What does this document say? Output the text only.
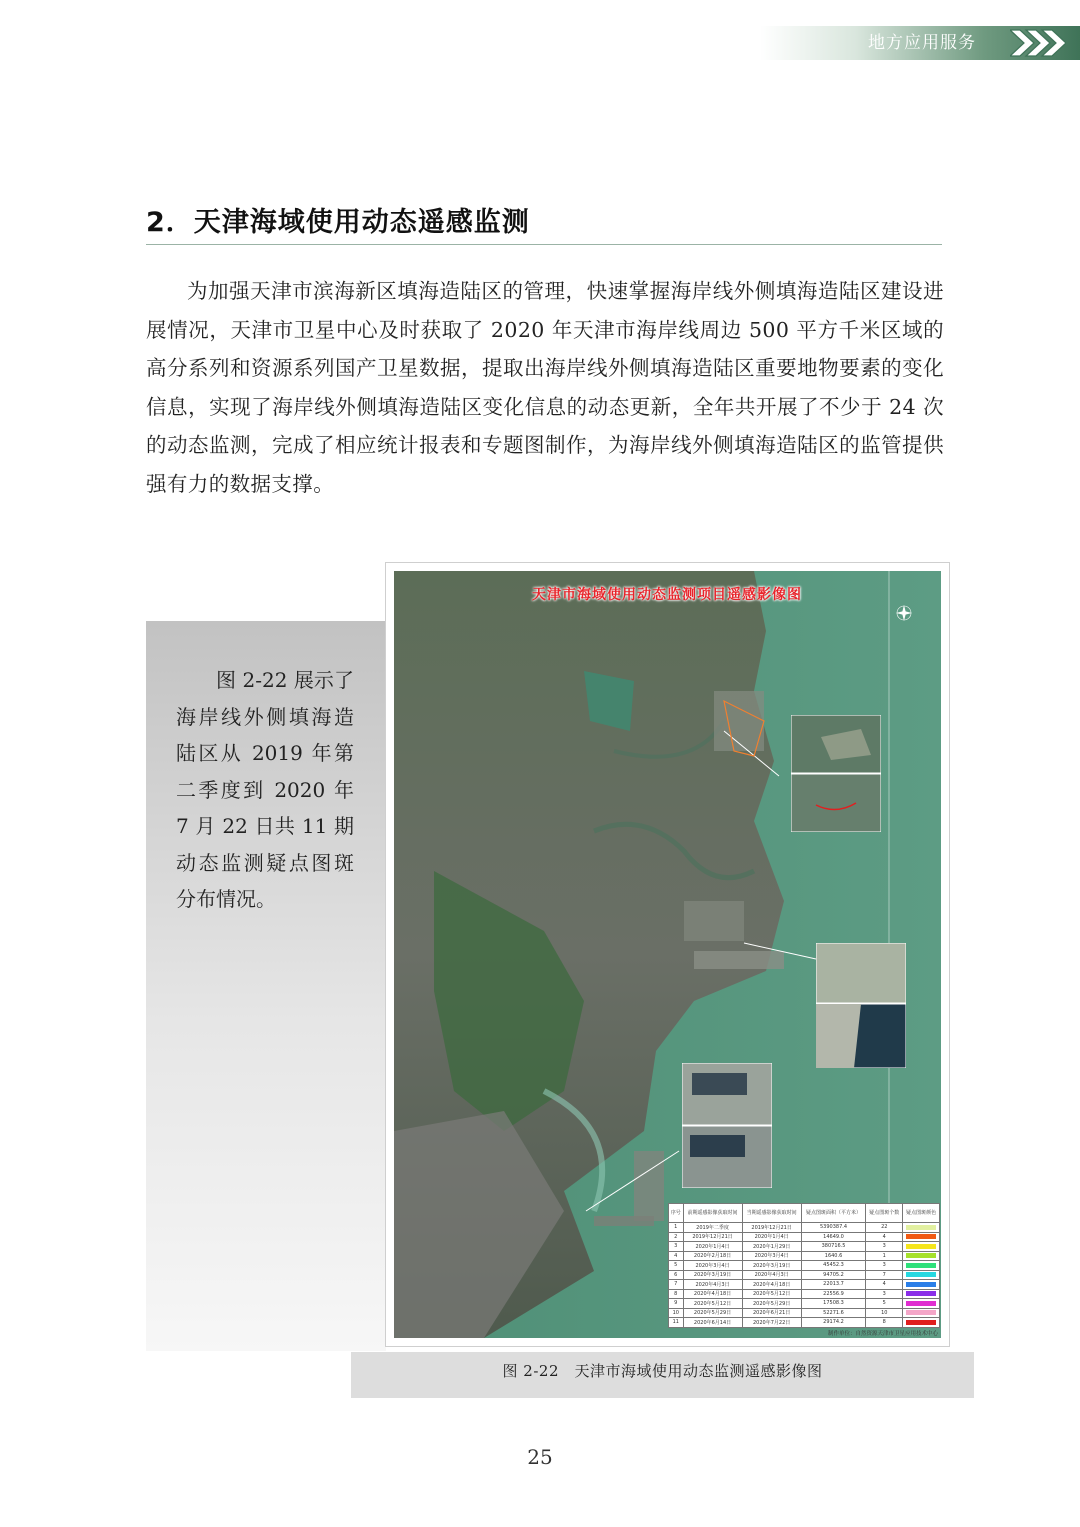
地方应用服务
2．天津海域使用动态遥感监测
为加强天津市滨海新区填海造陆区的管理，快速掌握海岸线外侧填海造陆区建设进展情况，天津市卫星中心及时获取了 2020 年天津市海岸线周边 500 平方千米区域的高分系列和资源系列国产卫星数据，提取出海岸线外侧填海造陆区重要地物要素的变化信息，实现了海岸线外侧填海造陆区变化信息的动态更新，全年共开展了不少于 24 次的动态监测，完成了相应统计报表和专题图制作，为海岸线外侧填海造陆区的监管提供强有力的数据支撑。
图 2-22 展示了海岸线外侧填海造陆区从 2019 年第二季度到 2020 年 7 月 22 日共 11 期动态监测疑点图斑分布情况。
天津市海域使用动态监测项目遥感影像图
序号	前期遥感影像获取时间	当期遥感影像获取时间	疑点图斑面积（平方米）	疑点图斑个数	疑点图斑颜色
1	2019年二季度	2019年12月21日	5390387.4	22	

2	2019年12月21日	2020年1月4日	14649.0	4	

3	2020年1月4日	2020年1月29日	380716.5	3	

4	2020年2月18日	2020年3月4日	1640.6	1	

5	2020年3月4日	2020年3月19日	45452.3	3	

6	2020年3月19日	2020年4月3日	94705.2	7	

7	2020年4月3日	2020年4月18日	22013.7	4	

8	2020年4月18日	2020年5月12日	22556.9	3	

9	2020年5月12日	2020年5月29日	17508.3	5	

10	2020年5月29日	2020年6月21日	52271.6	10	

11	2020年6月14日	2020年7月22日	29174.2	8	
制作单位：自然资源天津市卫星应用技术中心
图 2-22　天津市海域使用动态监测遥感影像图
25
